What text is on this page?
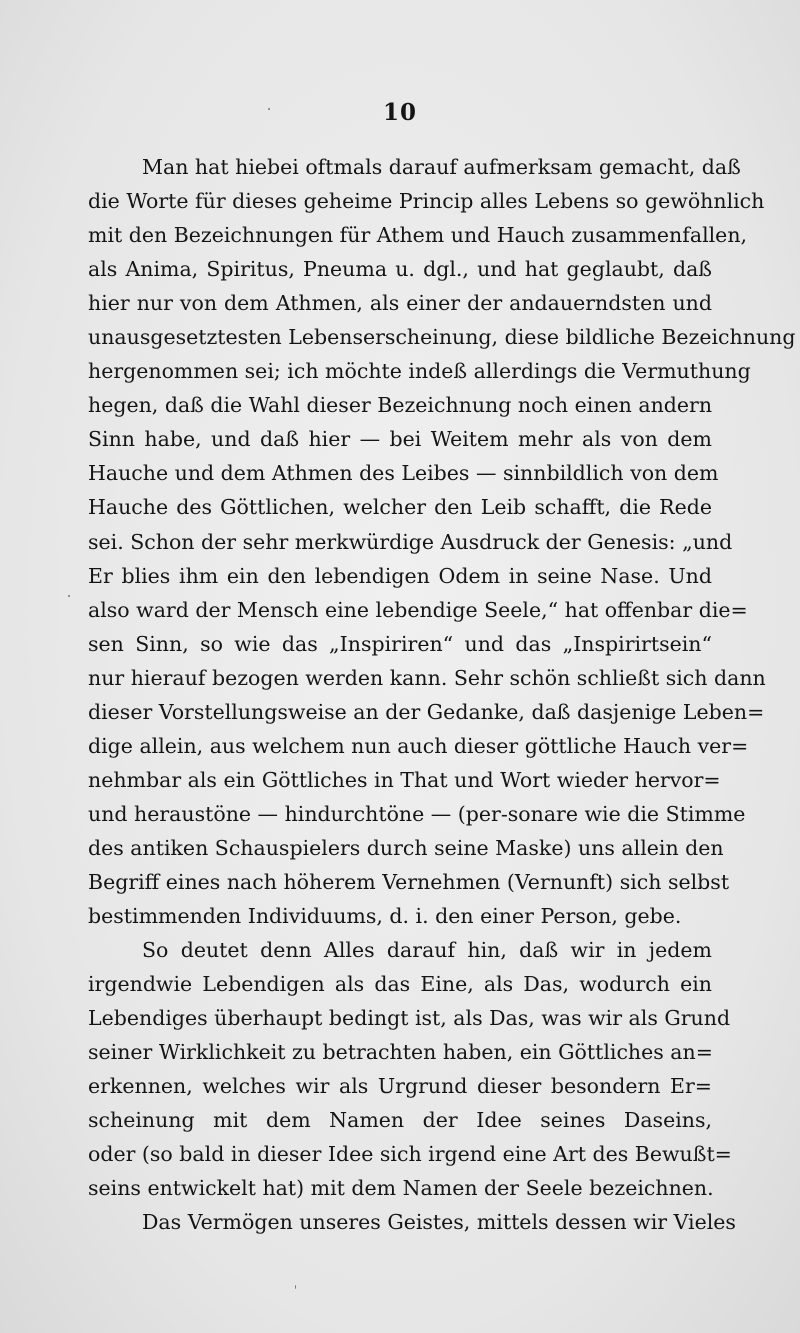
10
Man hat hiebei oftmals darauf aufmerksam gemacht, daß
die Worte für dieses geheime Princip alles Lebens so gewöhnlich
mit den Bezeichnungen für Athem und Hauch zusammenfallen,
als Anima, Spiritus, Pneuma u. dgl., und hat geglaubt, daß
hier nur von dem Athmen, als einer der andauerndsten und
unausgesetztesten Lebenserscheinung, diese bildliche Bezeichnung
hergenommen sei; ich möchte indeß allerdings die Vermuthung
hegen, daß die Wahl dieser Bezeichnung noch einen andern
Sinn habe, und daß hier — bei Weitem mehr als von dem
Hauche und dem Athmen des Leibes — sinnbildlich von dem
Hauche des Göttlichen, welcher den Leib schafft, die Rede
sei. Schon der sehr merkwürdige Ausdruck der Genesis: „und
Er blies ihm ein den lebendigen Odem in seine Nase. Und
also ward der Mensch eine lebendige Seele,“ hat offenbar die=
sen Sinn, so wie das „Inspiriren“ und das „Inspirirtsein“
nur hierauf bezogen werden kann. Sehr schön schließt sich dann
dieser Vorstellungsweise an der Gedanke, daß dasjenige Leben=
dige allein, aus welchem nun auch dieser göttliche Hauch ver=
nehmbar als ein Göttliches in That und Wort wieder hervor=
und heraustöne — hindurchtöne — (per-sonare wie die Stimme
des antiken Schauspielers durch seine Maske) uns allein den
Begriff eines nach höherem Vernehmen (Vernunft) sich selbst
bestimmenden Individuums, d. i. den einer Person, gebe.
So deutet denn Alles darauf hin, daß wir in jedem
irgendwie Lebendigen als das Eine, als Das, wodurch ein
Lebendiges überhaupt bedingt ist, als Das, was wir als Grund
seiner Wirklichkeit zu betrachten haben, ein Göttliches an=
erkennen, welches wir als Urgrund dieser besondern Er=
scheinung mit dem Namen der Idee seines Daseins,
oder (so bald in dieser Idee sich irgend eine Art des Bewußt=
seins entwickelt hat) mit dem Namen der Seele bezeichnen.
Das Vermögen unseres Geistes, mittels dessen wir Vieles
